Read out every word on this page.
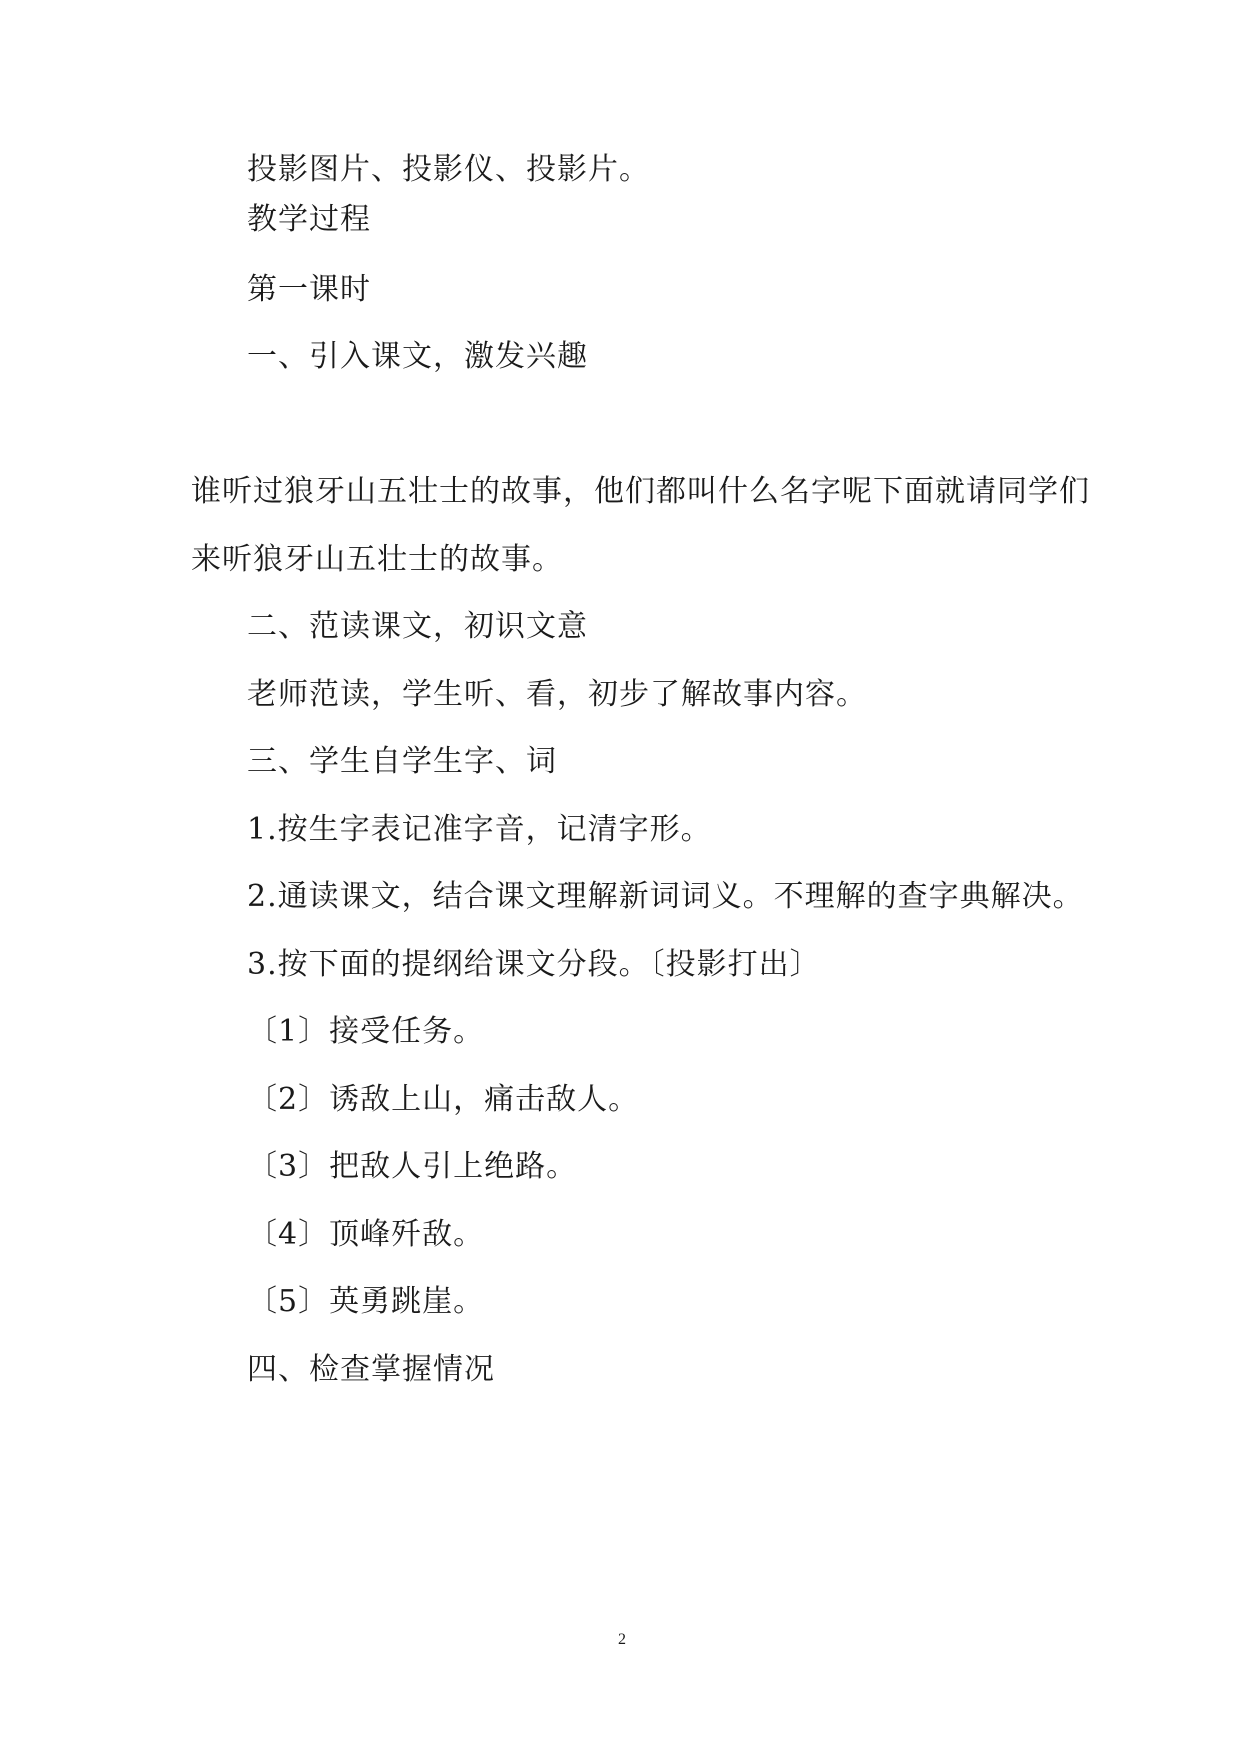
投影图片、投影仪、投影片。
教学过程
第一课时
一、引入课文，激发兴趣
谁听过狼牙山五壮士的故事，他们都叫什么名字呢下面就请同学们
来听狼牙山五壮士的故事。
二、范读课文，初识文意
老师范读，学生听、看，初步了解故事内容。
三、学生自学生字、词
1.按生字表记准字音，记清字形。
2.通读课文，结合课文理解新词词义。不理解的查字典解决。
3.按下面的提纲给课文分段。〔投影打出〕
〔1〕接受任务。
〔2〕诱敌上山，痛击敌人。
〔3〕把敌人引上绝路。
〔4〕顶峰歼敌。
〔5〕英勇跳崖。
四、检查掌握情况
2
